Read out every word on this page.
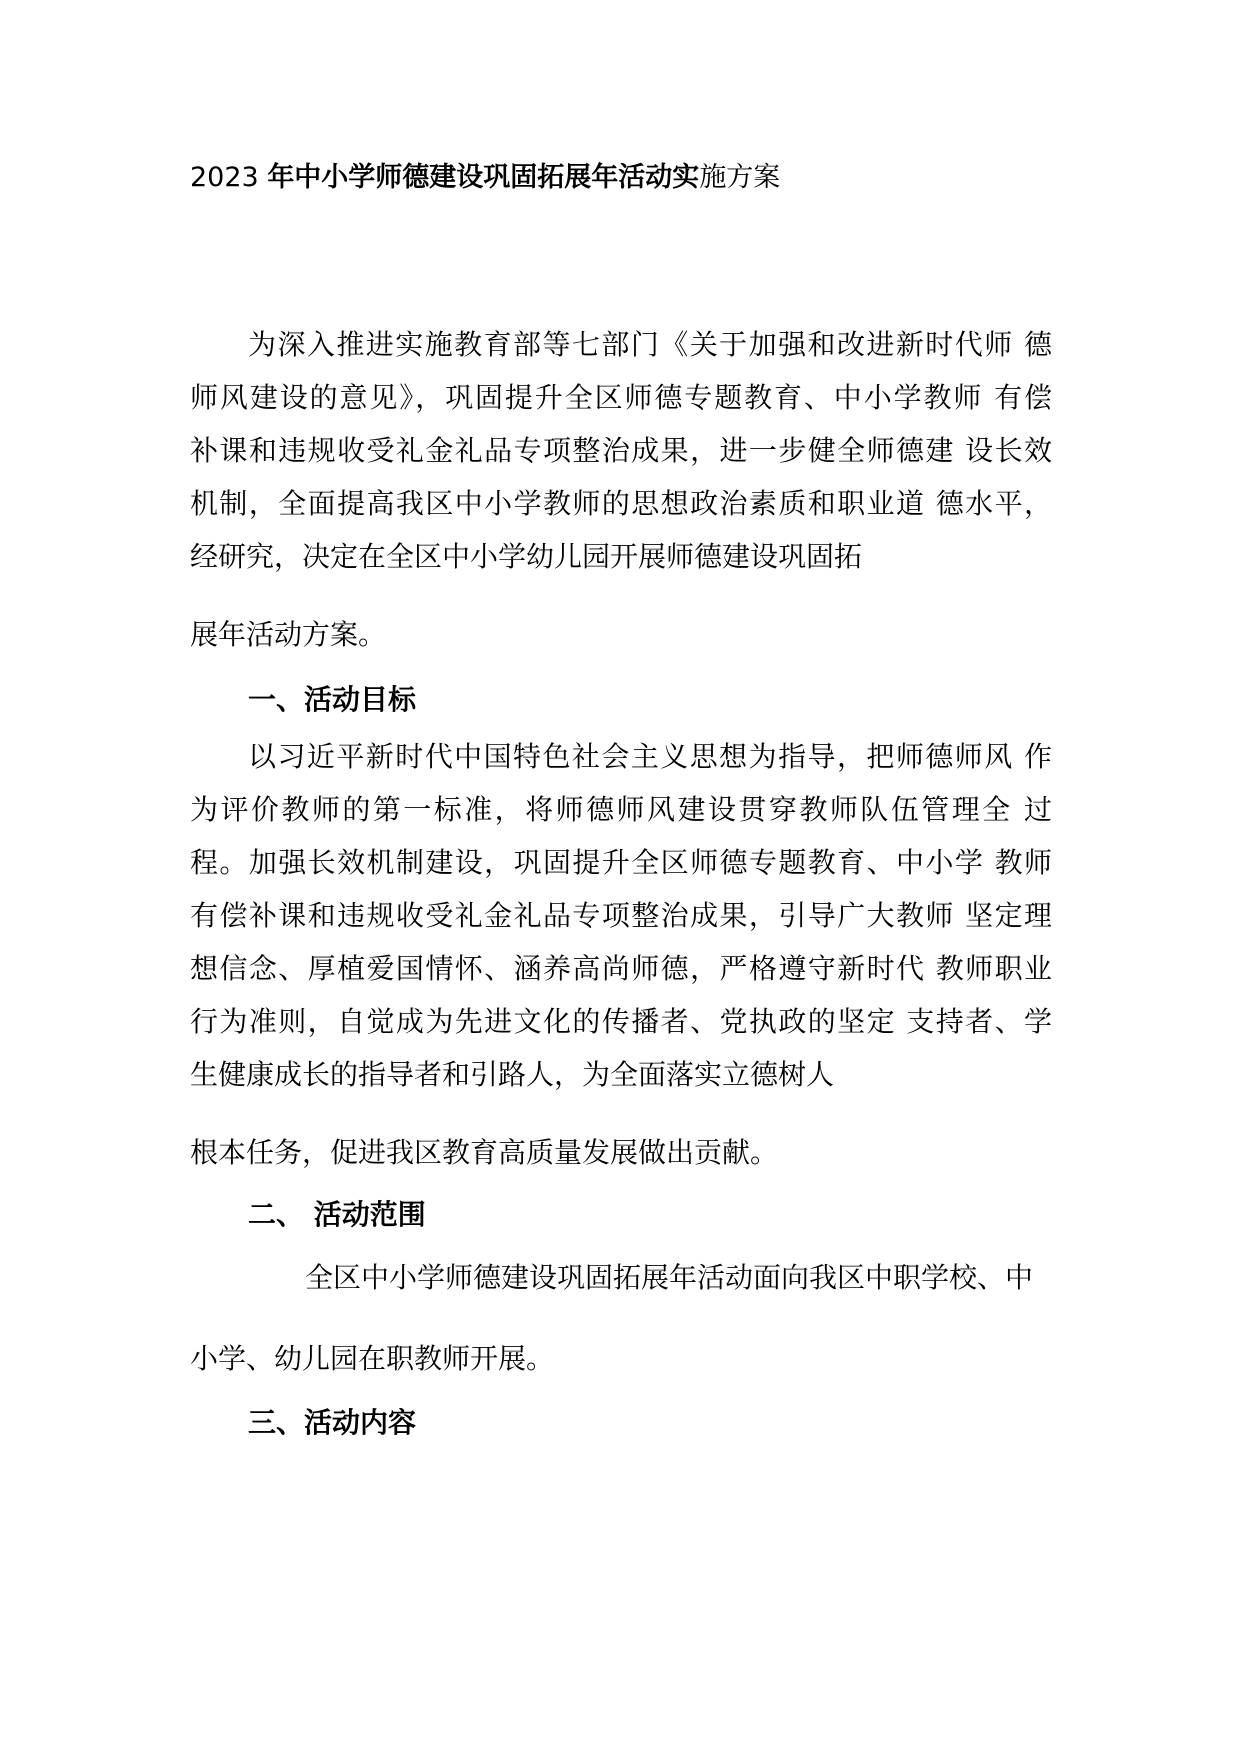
2023 年中小学师德建设巩固拓展年活动实施方案
为深入推进实施教育部等七部门《关于加强和改进新时代师 德
师风建设的意见》，巩固提升全区师德专题教育、中小学教师 有偿
补课和违规收受礼金礼品专项整治成果，进一步健全师德建 设长效
机制，全面提高我区中小学教师的思想政治素质和职业道 德水平，
经研究，决定在全区中小学幼儿园开展师德建设巩固拓
展年活动方案。
一、活动目标
以习近平新时代中国特色社会主义思想为指导，把师德师风 作
为评价教师的第一标准，将师德师风建设贯穿教师队伍管理全 过
程。加强长效机制建设，巩固提升全区师德专题教育、中小学 教师
有偿补课和违规收受礼金礼品专项整治成果，引导广大教师 坚定理
想信念、厚植爱国情怀、涵养高尚师德，严格遵守新时代 教师职业
行为准则，自觉成为先进文化的传播者、党执政的坚定 支持者、学
生健康成长的指导者和引路人，为全面落实立德树人
根本任务，促进我区教育高质量发展做出贡献。
二、 活动范围
全区中小学师德建设巩固拓展年活动面向我区中职学校、中
小学、幼儿园在职教师开展。
三、活动内容
